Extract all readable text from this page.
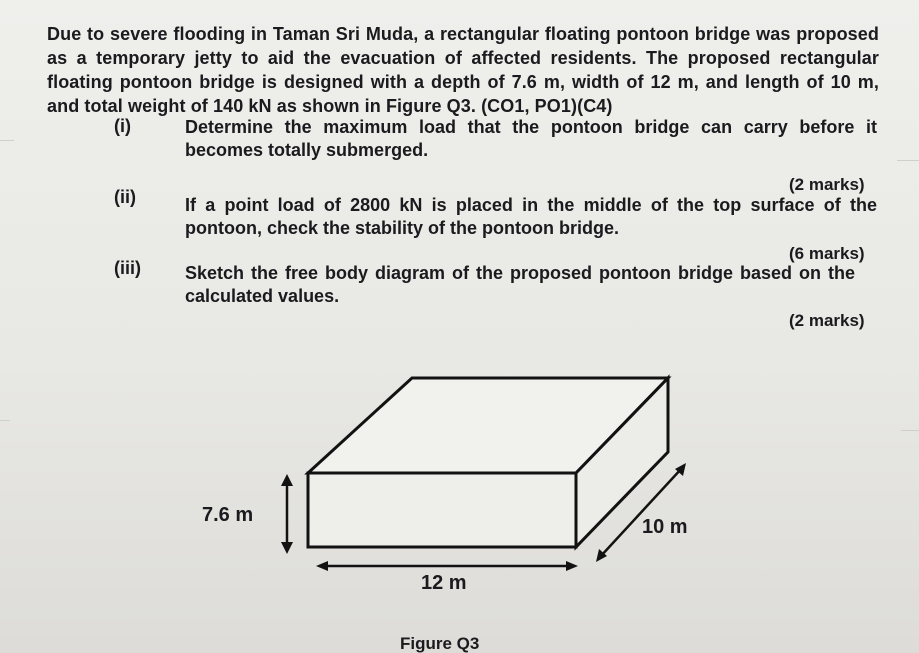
Due to severe flooding in Taman Sri Muda, a rectangular floating pontoon bridge was proposed as a temporary jetty to aid the evacuation of affected residents. The proposed rectangular floating pontoon bridge is designed with a depth of 7.6 m, width of 12 m, and length of 10 m, and total weight of 140 kN as shown in Figure Q3. (CO1, PO1)(C4)
(i)	Determine the maximum load that the pontoon bridge can carry before it becomes totally submerged.
(2 marks)
(ii)	If a point load of 2800 kN is placed in the middle of the top surface of the pontoon, check the stability of the pontoon bridge.
(6 marks)
(iii) Sketch the free body diagram of the proposed pontoon bridge based on the calculated values.
(2 marks)
7.6 m
12 m
10 m
Figure Q3
